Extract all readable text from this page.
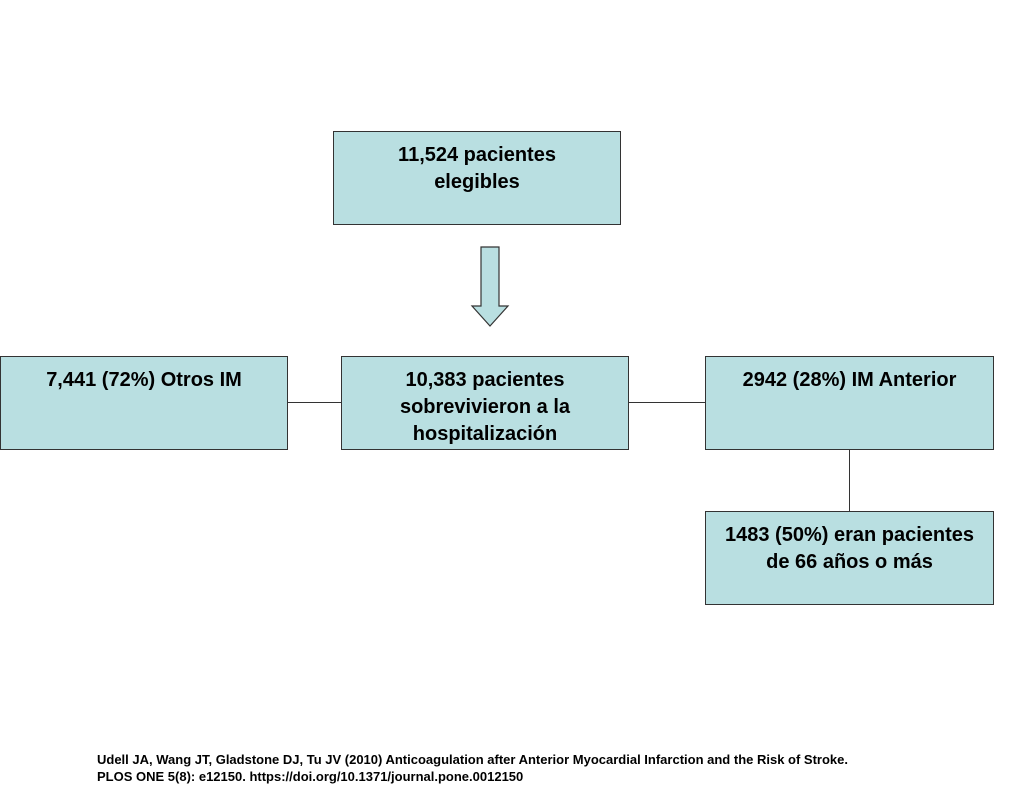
11,524 pacientes elegibles
7,441 (72%) Otros IM	10,383 pacientes sobrevivieron a la hospitalización
2942 (28%) IM Anterior
1483 (50%) eran pacientes de 66 años o más
Udell JA, Wang JT, Gladstone DJ, Tu JV (2010) Anticoagulation after Anterior Myocardial Infarction and the Risk of Stroke.
PLOS ONE 5(8): e12150. https://doi.org/10.1371/journal.pone.0012150
